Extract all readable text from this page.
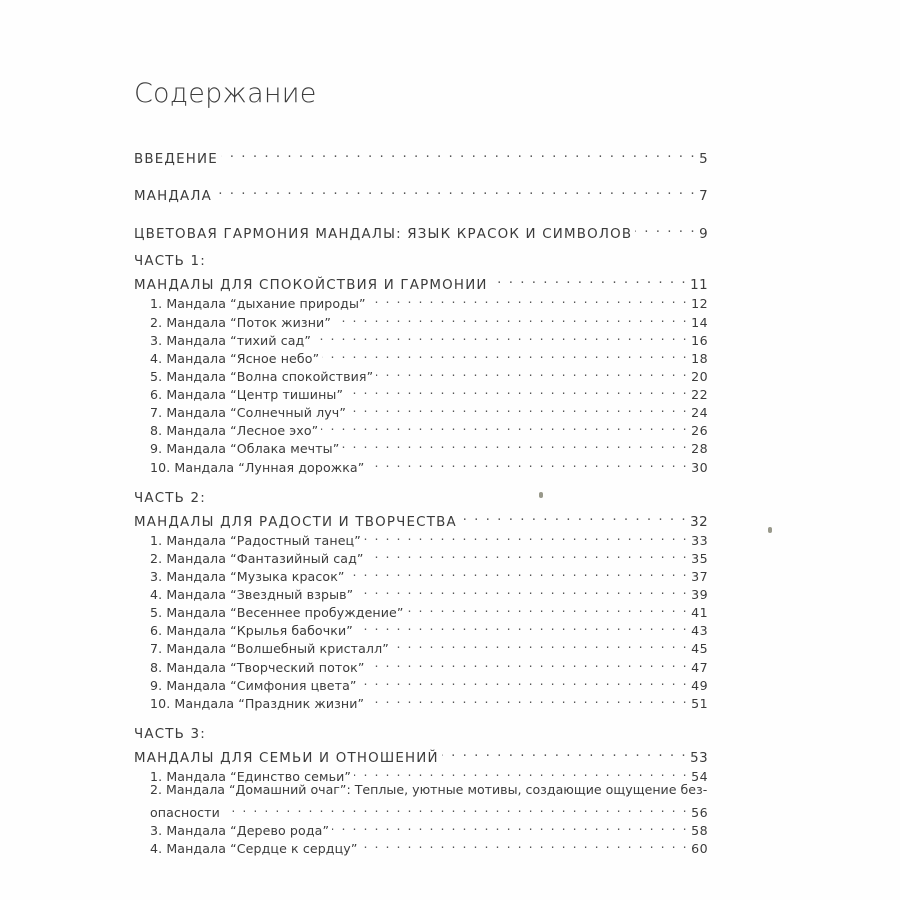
Содержание
ВВЕДЕНИЕ . . .	5
МАНДАЛА . . .	7
ЦВЕТОВАЯ ГАРМОНИЯ МАНДАЛЫ: ЯЗЫК КРАСОК И СИМВОЛОВ . . .	9
ЧАСТЬ 1:
МАНДАЛЫ ДЛЯ СПОКОЙСТВИЯ И ГАРМОНИИ . . .	11
1. Мандала “дыхание природы” . . .	12
2. Мандала “Поток жизни” . . .	14
3. Мандала “тихий сад” . . .	16
4. Мандала “Ясное небо” . . .	18
5. Мандала “Волна спокойствия” . . .	20
6. Мандала “Центр тишины” . . .	22
7. Мандала “Солнечный луч” . . .	24
8. Мандала “Лесное эхо” . . .	26
9. Мандала “Облака мечты” . . .	28
10. Мандала “Лунная дорожка” . . .	30
ЧАСТЬ 2:
МАНДАЛЫ ДЛЯ РАДОСТИ И ТВОРЧЕСТВА . . .	32
1. Мандала “Радостный танец” . . .	33
2. Мандала “Фантазийный сад” . . .	35
3. Мандала “Музыка красок” . . .	37
4. Мандала “Звездный взрыв” . . .	39
5. Мандала “Весеннее пробуждение” . . .	41
6. Мандала “Крылья бабочки” . . .	43
7. Мандала “Волшебный кристалл” . . .	45
8. Мандала “Творческий поток” . . .	47
9. Мандала “Симфония цвета” . . .	49
10. Мандала “Праздник жизни” . . .	51
ЧАСТЬ 3:
МАНДАЛЫ ДЛЯ СЕМЬИ И ОТНОШЕНИЙ . . .	53
1. Мандала “Единство семьи” . . .	54
2. Мандала “Домашний очаг”: Теплые, уютные мотивы, создающие ощущение без-
опасности . . .	56
3. Мандала “Дерево рода” . . .	58
4. Мандала “Сердце к сердцу” . . .	60
